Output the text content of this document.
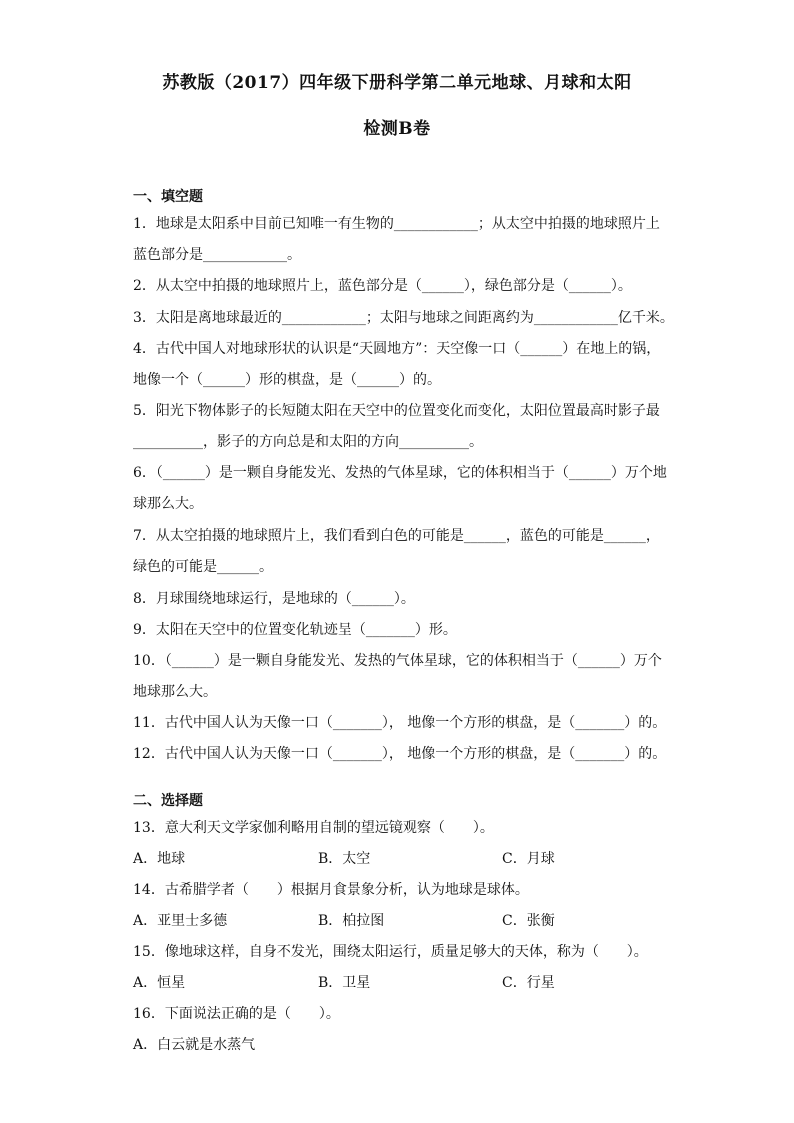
苏教版（2017）四年级下册科学第二单元地球、月球和太阳
检测B卷
一、填空题
1．地球是太阳系中目前已知唯一有生物的____________；从太空中拍摄的地球照片上
蓝色部分是____________。
2．从太空中拍摄的地球照片上，蓝色部分是（______），绿色部分是（______）。
3．太阳是离地球最近的____________；太阳与地球之间距离约为____________亿千米。
4．古代中国人对地球形状的认识是“天圆地方”：天空像一口（______）在地上的锅，
地像一个（______）形的棋盘，是（______）的。
5．阳光下物体影子的长短随太阳在天空中的位置变化而变化，太阳位置最高时影子最
__________，影子的方向总是和太阳的方向__________。
6．（______）是一颗自身能发光、发热的气体星球，它的体积相当于（______）万个地
球那么大。
7．从太空拍摄的地球照片上，我们看到白色的可能是______，蓝色的可能是______，
绿色的可能是______。
8．月球围绕地球运行，是地球的（______）。
9．太阳在天空中的位置变化轨迹呈（_______）形。
10．（______）是一颗自身能发光、发热的气体星球，它的体积相当于（______）万个
地球那么大。
11．古代中国人认为天像一口（_______）， 地像一个方形的棋盘，是（_______）的。
12．古代中国人认为天像一口（_______）， 地像一个方形的棋盘，是（_______）的。
二、选择题
13．意大利天文学家伽利略用自制的望远镜观察（　　）。
A．地球	B．太空	C．月球
14．古希腊学者（　　）根据月食景象分析，认为地球是球体。
A．亚里士多德	B．柏拉图	C．张衡
15．像地球这样，自身不发光，围绕太阳运行，质量足够大的天体，称为（　　）。
A．恒星	B．卫星	C．行星
16．下面说法正确的是（　　）。
A．白云就是水蒸气
